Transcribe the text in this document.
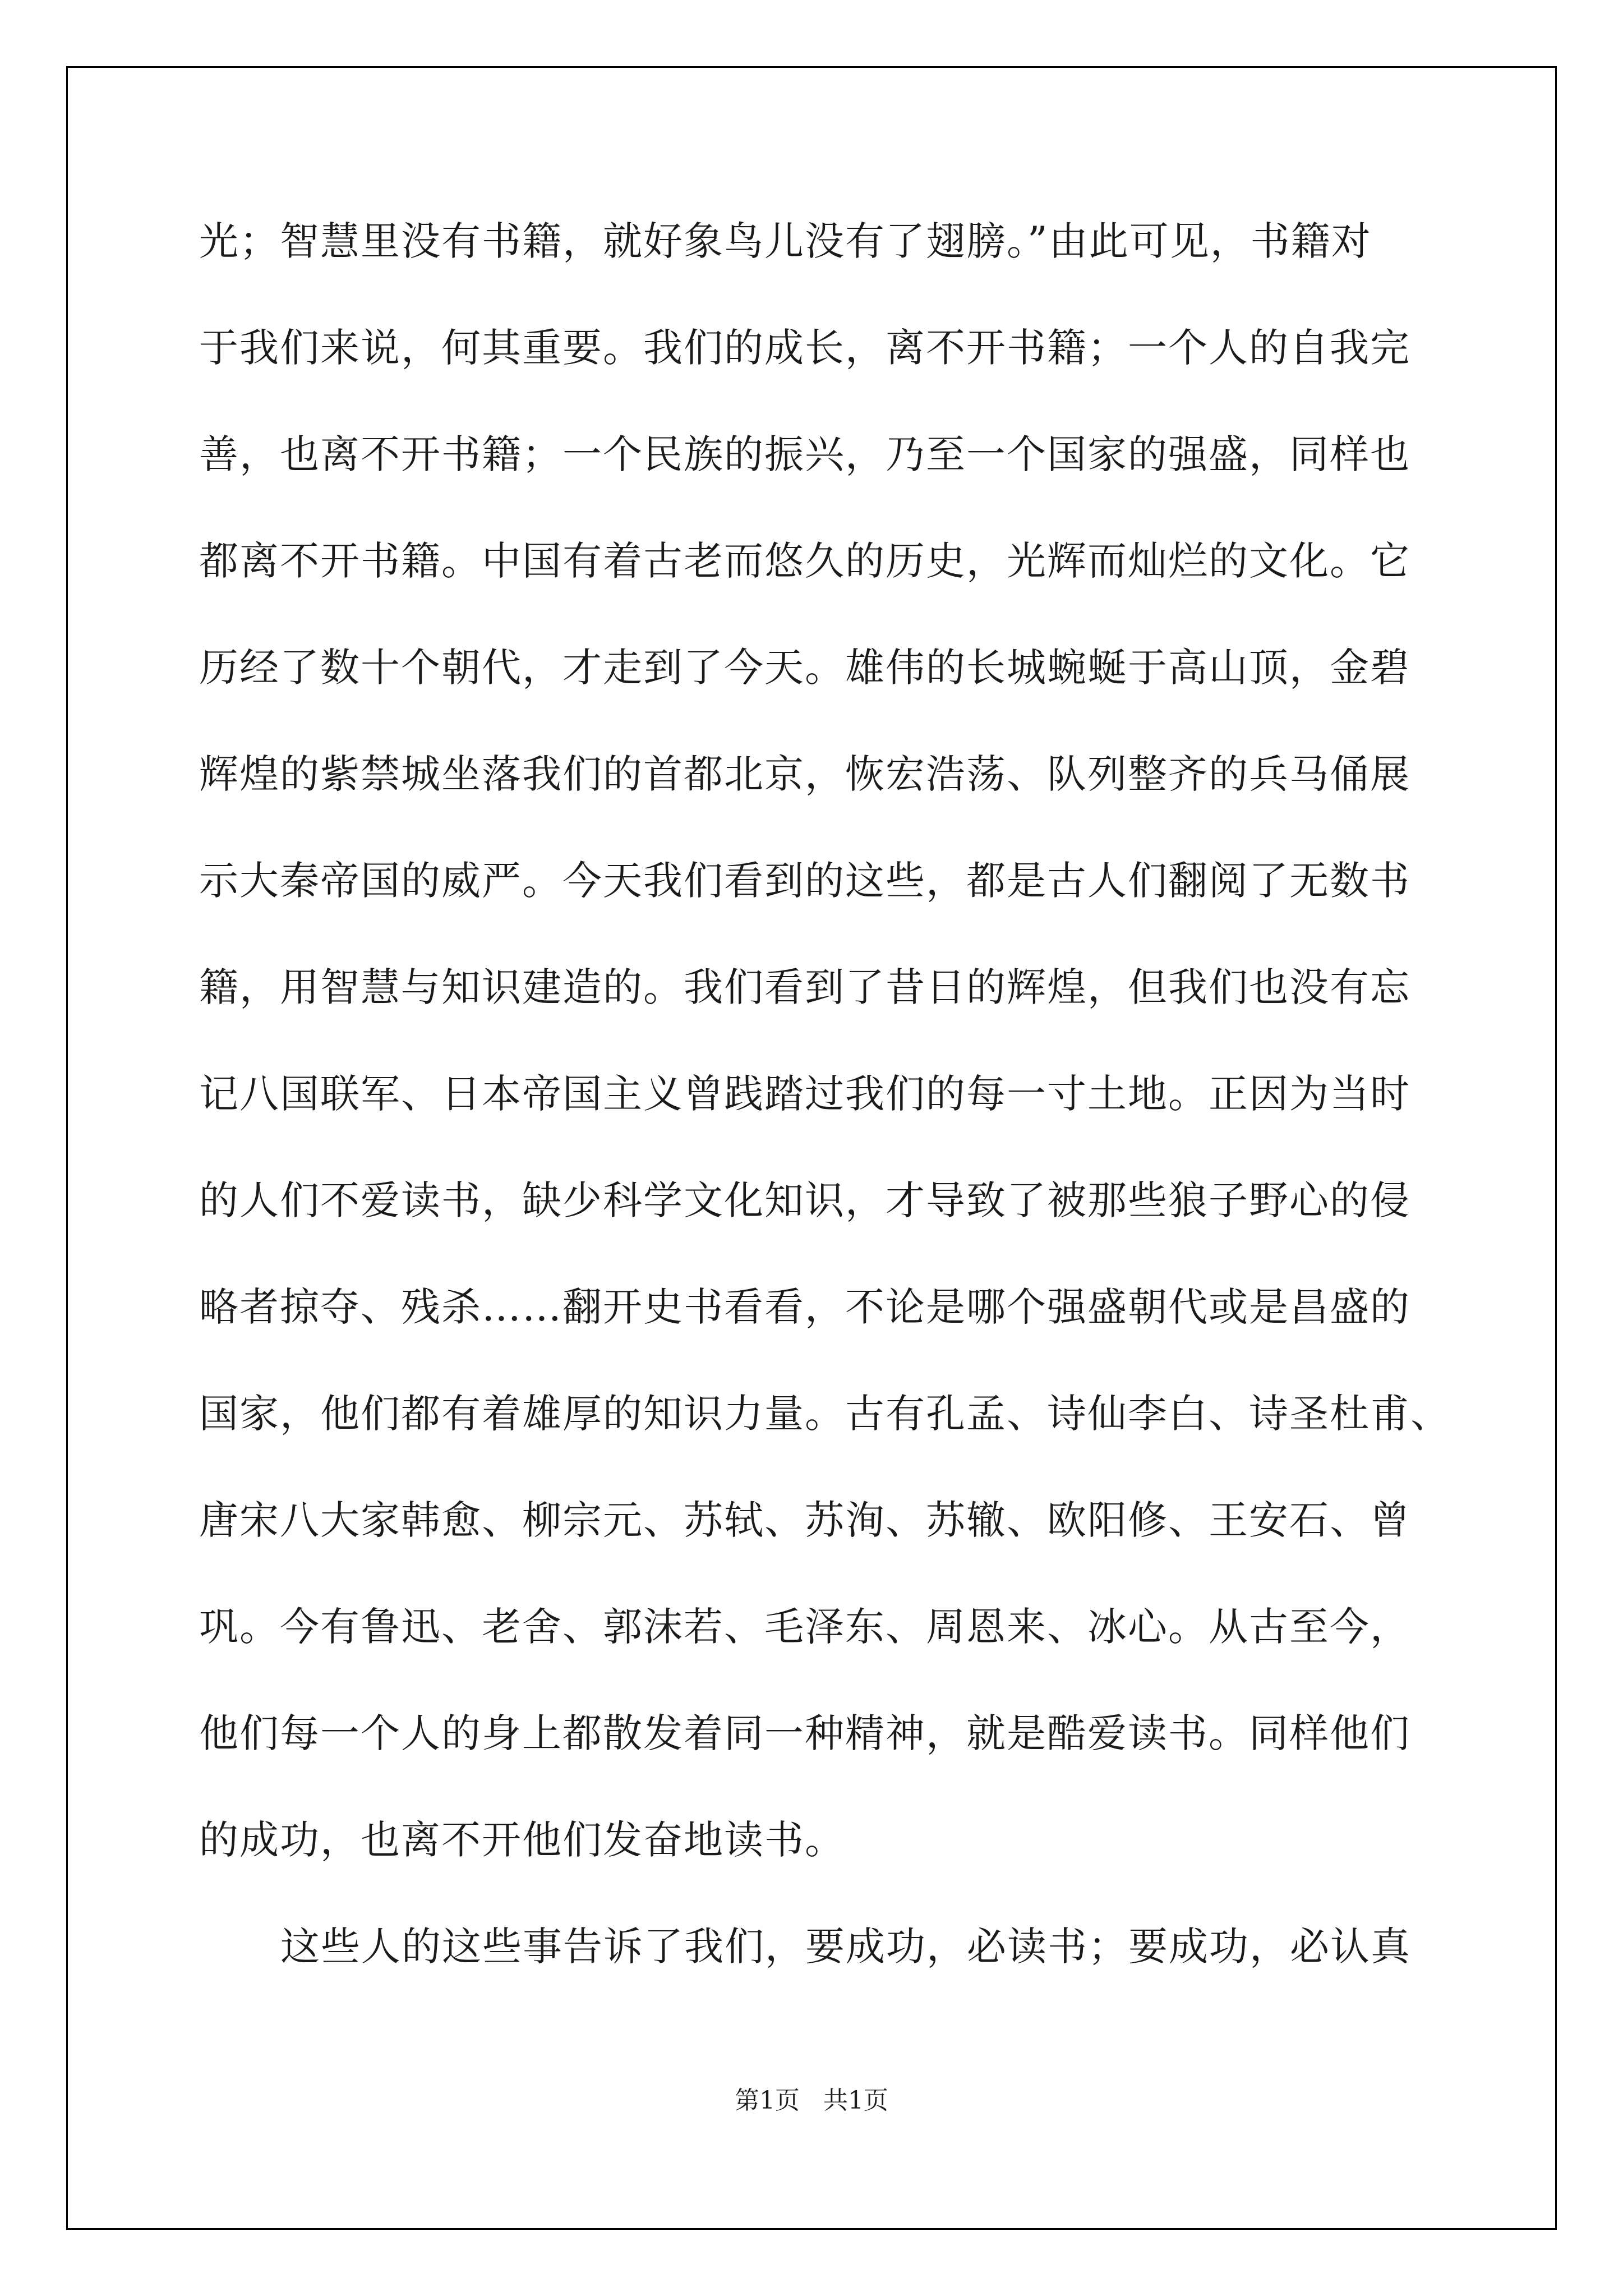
光；智慧里没有书籍，就好象鸟儿没有了翅膀。”由此可见，书籍对
于我们来说，何其重要。我们的成长，离不开书籍；一个人的自我完
善，也离不开书籍；一个民族的振兴，乃至一个国家的强盛，同样也
都离不开书籍。中国有着古老而悠久的历史，光辉而灿烂的文化。它
历经了数十个朝代，才走到了今天。雄伟的长城蜿蜒于高山顶，金碧
辉煌的紫禁城坐落我们的首都北京，恢宏浩荡、队列整齐的兵马俑展
示大秦帝国的威严。今天我们看到的这些，都是古人们翻阅了无数书
籍，用智慧与知识建造的。我们看到了昔日的辉煌，但我们也没有忘
记八国联军、日本帝国主义曾践踏过我们的每一寸土地。正因为当时
的人们不爱读书，缺少科学文化知识，才导致了被那些狼子野心的侵
略者掠夺、残杀……翻开史书看看，不论是哪个强盛朝代或是昌盛的
国家，他们都有着雄厚的知识力量。古有孔孟、诗仙李白、诗圣杜甫、
唐宋八大家韩愈、柳宗元、苏轼、苏洵、苏辙、欧阳修、王安石、曾
巩。今有鲁迅、老舍、郭沫若、毛泽东、周恩来、冰心。从古至今，
他们每一个人的身上都散发着同一种精神，就是酷爱读书。同样他们
的成功，也离不开他们发奋地读书。
这些人的这些事告诉了我们，要成功，必读书；要成功，必认真
第1页   共1页
